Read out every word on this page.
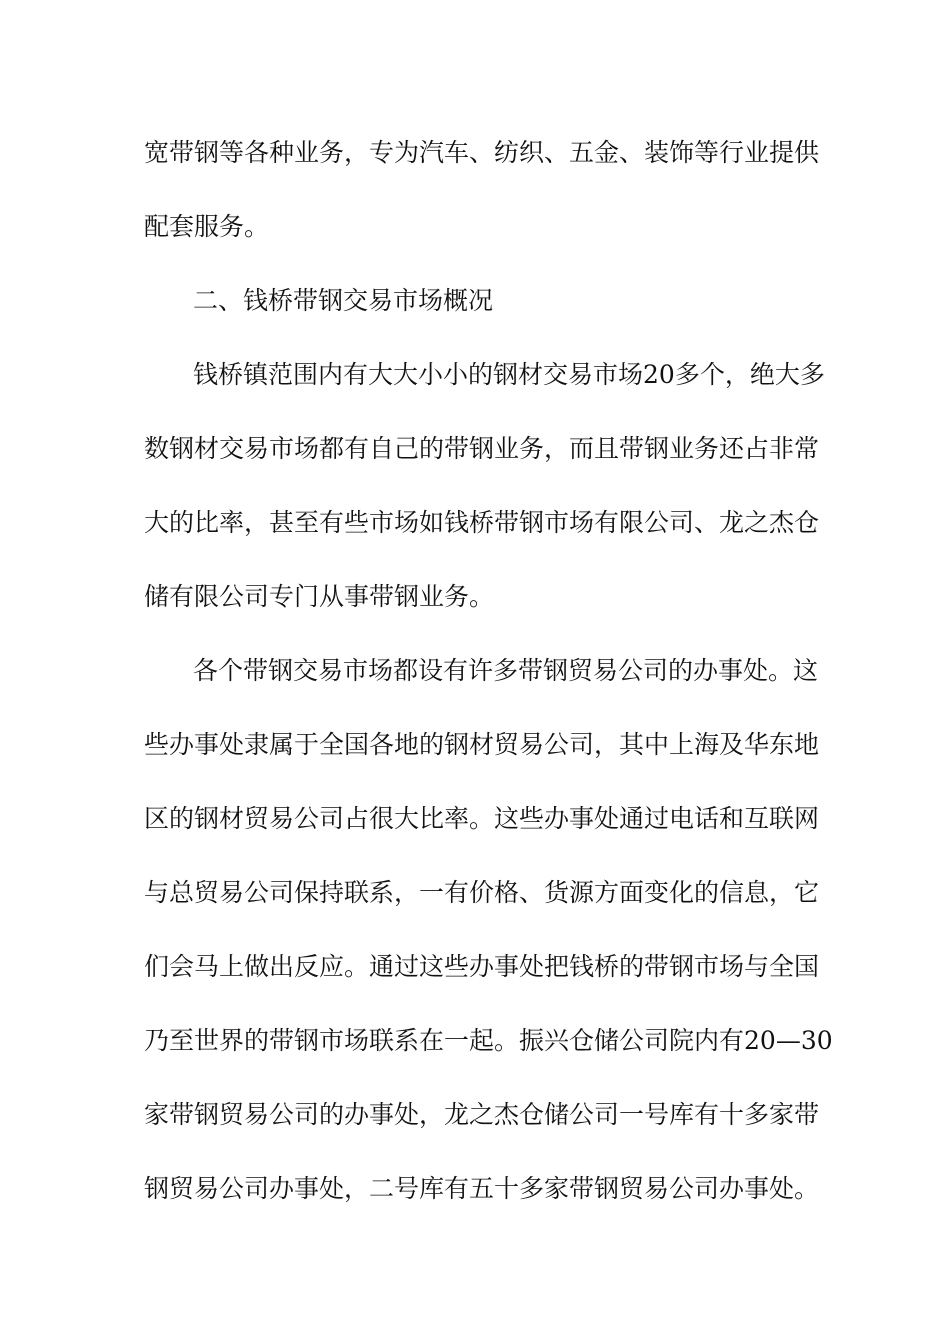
宽带钢等各种业务，专为汽车、纺织、五金、装饰等行业提供
配套服务。
二、钱桥带钢交易市场概况
钱桥镇范围内有大大小小的钢材交易市场20多个，绝大多
数钢材交易市场都有自己的带钢业务，而且带钢业务还占非常
大的比率，甚至有些市场如钱桥带钢市场有限公司、龙之杰仓
储有限公司专门从事带钢业务。
各个带钢交易市场都设有许多带钢贸易公司的办事处。这
些办事处隶属于全国各地的钢材贸易公司，其中上海及华东地
区的钢材贸易公司占很大比率。这些办事处通过电话和互联网
与总贸易公司保持联系，一有价格、货源方面变化的信息，它
们会马上做出反应。通过这些办事处把钱桥的带钢市场与全国
乃至世界的带钢市场联系在一起。振兴仓储公司院内有20—30
家带钢贸易公司的办事处，龙之杰仓储公司一号库有十多家带
钢贸易公司办事处，二号库有五十多家带钢贸易公司办事处。
